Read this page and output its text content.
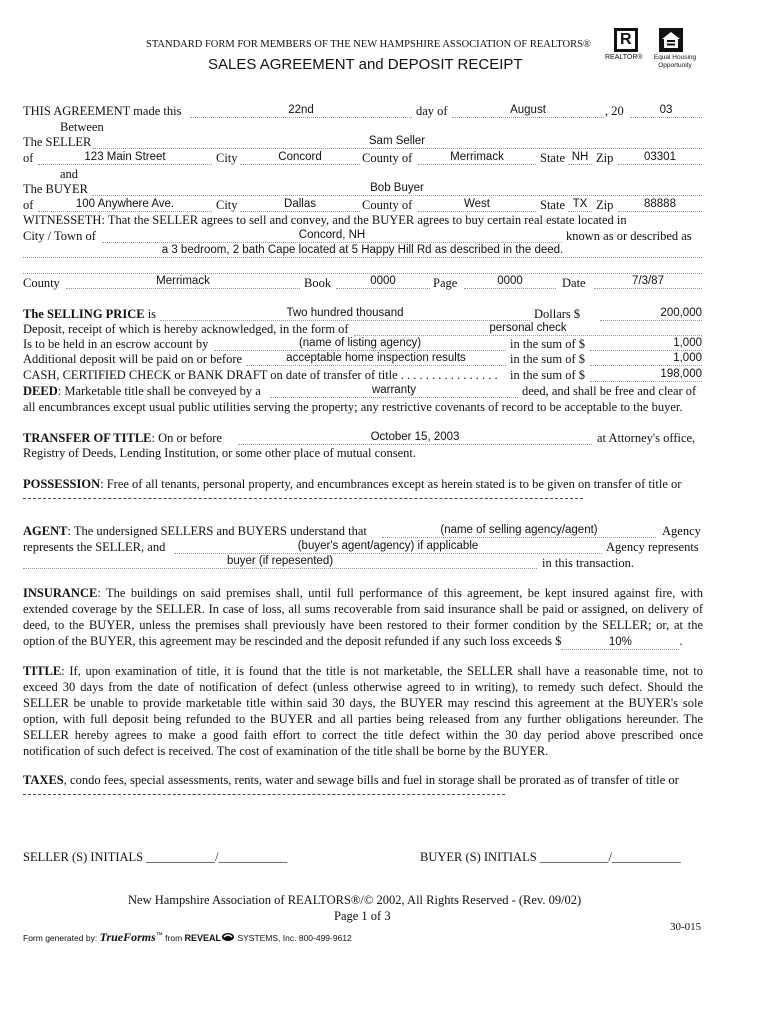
STANDARD FORM FOR MEMBERS OF THE NEW HAMPSHIRE ASSOCIATION OF REALTORS®
SALES AGREEMENT and DEPOSIT RECEIPT
R
REALTOR® Equal Housing Opportunity
THIS AGREEMENT made this	22nd	day of	August	, 20	03
Between
The SELLER	Sam Seller
of	123 Main Street	City	Concord	County of	Merrimack	State NH Zip	03301
and
The BUYER	Bob Buyer
of	100 Anywhere Ave.	City	Dallas	County of	West	State TX Zip	88888
WITNESSETH: That the SELLER agrees to sell and convey, and the BUYER agrees to buy certain real estate located in
City / Town of	Concord, NH	known as or described as
a 3 bedroom, 2 bath Cape located at 5 Happy Hill Rd as described in the deed.
County	Merrimack	Book	0000	Page	0000	Date	7/3/87
The SELLING PRICE is	Two hundred thousand	Dollars $	200,000
Deposit, receipt of which is hereby acknowledged, in the form of	personal check
Is to be held in an escrow account by	(name of listing agency)	in the sum of $	1,000
Additional deposit will be paid on or before	acceptable home inspection results	in the sum of $	1,000
CASH, CERTIFIED CHECK or BANK DRAFT on date of transfer of title . . . . . . . . . . . . . . . . in the sum of $	198,000
DEED: Marketable title shall be conveyed by a	warranty	deed, and shall be free and clear of
all encumbrances except usual public utilities serving the property; any restrictive covenants of record to be acceptable to the buyer.
TRANSFER OF TITLE: On or before	October 15, 2003	at Attorney's office,
Registry of Deeds, Lending Institution, or some other place of mutual consent.
POSSESSION: Free of all tenants, personal property, and encumbrances except as herein stated is to be given on transfer of title or
AGENT: The undersigned SELLERS and BUYERS understand that	(name of selling agency/agent)	Agency
represents the SELLER, and	(buyer's agent/agency) if applicable	Agency represents
buyer (if repesented)	in this transaction.
INSURANCE: The buildings on said premises shall, until full performance of this agreement, be kept insured against fire, with extended coverage by the SELLER. In case of loss, all sums recoverable from said insurance shall be paid or assigned, on delivery of deed, to the BUYER, unless the premises shall previously have been restored to their former condition by the SELLER; or, at the option of the BUYER, this agreement may be rescinded and the deposit refunded if any such loss exceeds $	10%	.
TITLE: If, upon examination of title, it is found that the title is not marketable, the SELLER shall have a reasonable time, not to exceed 30 days from the date of notification of defect (unless otherwise agreed to in writing), to remedy such defect. Should the SELLER be unable to provide marketable title within said 30 days, the BUYER may rescind this agreement at the BUYER's sole option, with full deposit being refunded to the BUYER and all parties being released from any further obligations hereunder. The SELLER hereby agrees to make a good faith effort to correct the title defect within the 30 day period above prescribed once notification of such defect is received. The cost of examination of the title shall be borne by the BUYER.
TAXES, condo fees, special assessments, rents, water and sewage bills and fuel in storage shall be prorated as of transfer of title or
SELLER (S) INITIALS ___________/___________	BUYER (S) INITIALS ___________/___________
New Hampshire Association of REALTORS®/© 2002, All Rights Reserved - (Rev. 09/02)
Page 1 of 3
30-015
Form generated by: TrueForms™ from REVEAL SYSTEMS, Inc. 800-499-9612
